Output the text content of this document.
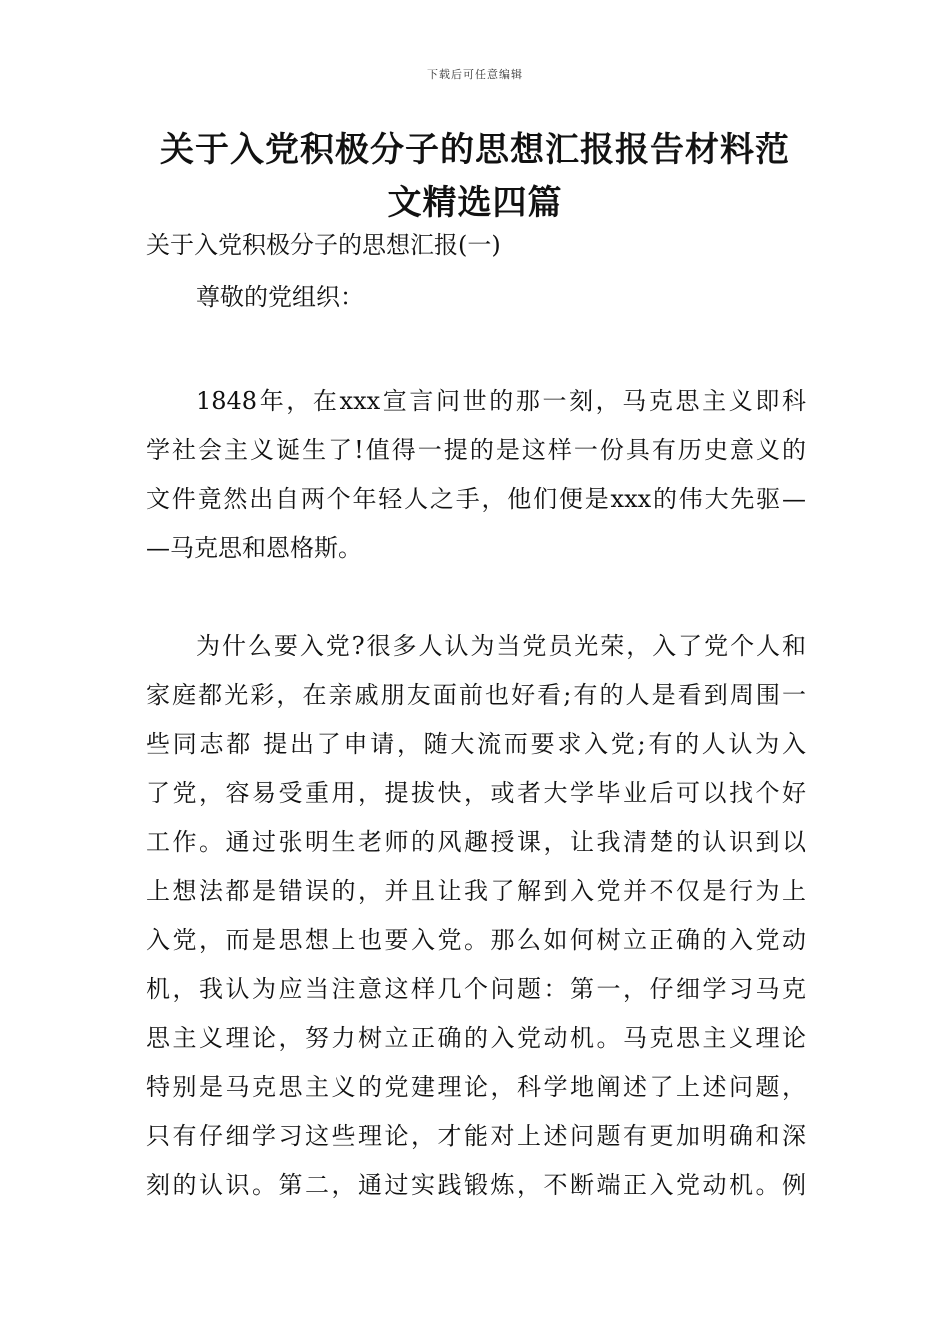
下载后可任意编辑
关于入党积极分子的思想汇报报告材料范
文精选四篇
关于入党积极分子的思想汇报(一)
尊敬的党组织：
1848年，在xxx宣言问世的那一刻，马克思主义即科
学社会主义诞生了!值得一提的是这样一份具有历史意义的
文件竟然出自两个年轻人之手，他们便是xxx的伟大先驱—
—马克思和恩格斯。
为什么要入党?很多人认为当党员光荣，入了党个人和
家庭都光彩，在亲戚朋友面前也好看;有的人是看到周围一
些同志都 提出了申请，随大流而要求入党;有的人认为入
了党，容易受重用，提拔快，或者大学毕业后可以找个好
工作。通过张明生老师的风趣授课，让我清楚的认识到以
上想法都是错误的，并且让我了解到入党并不仅是行为上
入党，而是思想上也要入党。那么如何树立正确的入党动
机，我认为应当注意这样几个问题：第一，仔细学习马克
思主义理论，努力树立正确的入党动机。马克思主义理论
特别是马克思主义的党建理论，科学地阐述了上述问题，
只有仔细学习这些理论，才能对上述问题有更加明确和深
刻的认识。第二，通过实践锻炼，不断端正入党动机。例
